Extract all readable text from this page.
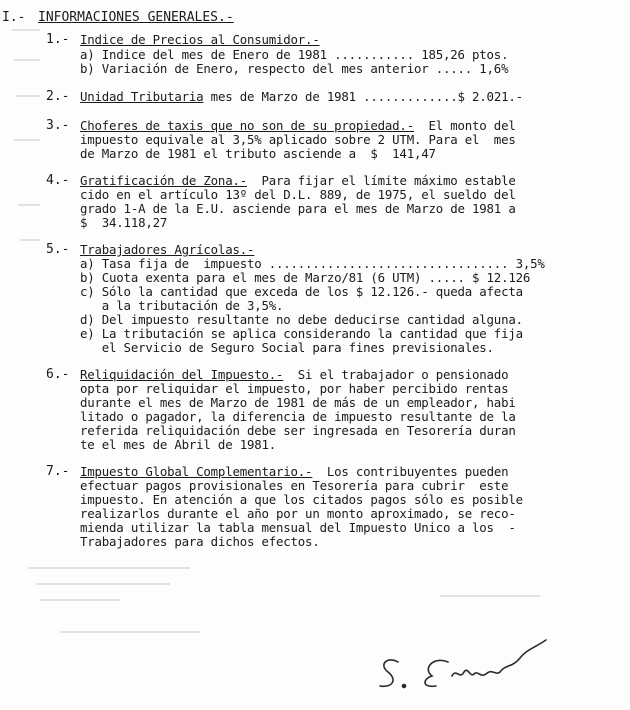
I.- INFORMACIONES GENERALES.-
1.- Indice de Precios al Consumidor.-
a) Indice del mes de Enero de 1981 ........... 185,26 ptos.
b) Variación de Enero, respecto del mes anterior ..... 1,6%
2.- Unidad Tributaria mes de Marzo de 1981 .............$ 2.021.-
3.- Choferes de taxis que no son de su propiedad.-  El monto del
impuesto equivale al 3,5% aplicado sobre 2 UTM. Para el  mes
de Marzo de 1981 el tributo asciende a  $  141,47
4.- Gratificación de Zona.-  Para fijar el límite máximo estable
cido en el artículo 13º del D.L. 889, de 1975, el sueldo del
grado 1-A de la E.U. asciende para el mes de Marzo de 1981 a
$  34.118,27
5.- Trabajadores Agrícolas.-
a) Tasa fija de  impuesto ................................. 3,5%
b) Cuota exenta para el mes de Marzo/81 (6 UTM) ..... $ 12.126
c) Sólo la cantidad que exceda de los $ 12.126.- queda afecta
a la tributación de 3,5%.
d) Del impuesto resultante no debe deducirse cantidad alguna.
e) La tributación se aplica considerando la cantidad que fija
el Servicio de Seguro Social para fines previsionales.
6.- Reliquidación del Impuesto.-  Si el trabajador o pensionado
opta por reliquidar el impuesto, por haber percibido rentas
durante el mes de Marzo de 1981 de más de un empleador, habi
litado o pagador, la diferencia de impuesto resultante de la
referida reliquidación debe ser ingresada en Tesorería duran
te el mes de Abril de 1981.
7.- Impuesto Global Complementario.-  Los contribuyentes pueden
efectuar pagos provisionales en Tesorería para cubrir  este
impuesto. En atención a que los citados pagos sólo es posible
realizarlos durante el año por un monto aproximado, se reco-
mienda utilizar la tabla mensual del Impuesto Unico a los  -
Trabajadores para dichos efectos.
